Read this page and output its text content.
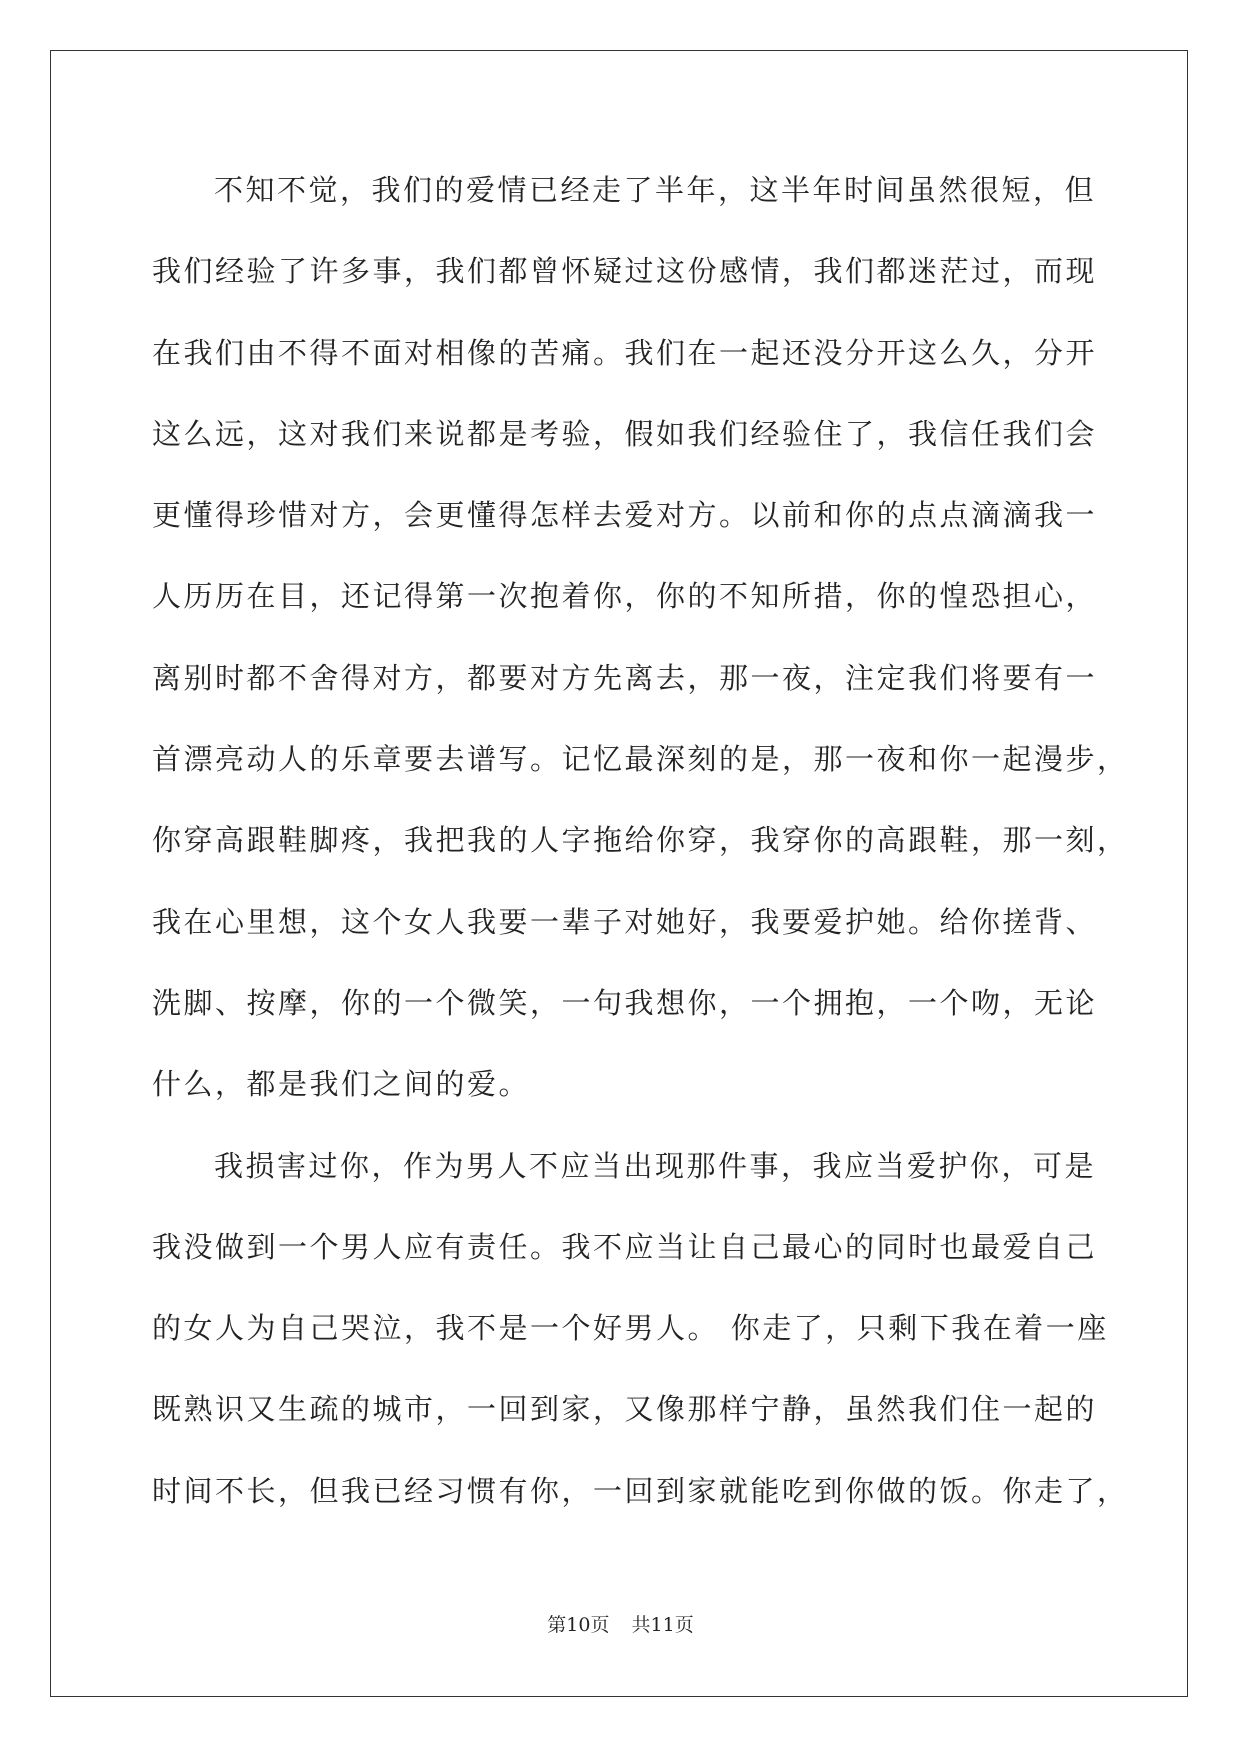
不知不觉，我们的爱情已经走了半年，这半年时间虽然很短，但
我们经验了许多事，我们都曾怀疑过这份感情，我们都迷茫过，而现
在我们由不得不面对相像的苦痛。我们在一起还没分开这么久，分开
这么远，这对我们来说都是考验，假如我们经验住了，我信任我们会
更懂得珍惜对方，会更懂得怎样去爱对方。以前和你的点点滴滴我一
人历历在目，还记得第一次抱着你，你的不知所措，你的惶恐担心，
离别时都不舍得对方，都要对方先离去，那一夜，注定我们将要有一
首漂亮动人的乐章要去谱写。记忆最深刻的是，那一夜和你一起漫步，
你穿高跟鞋脚疼，我把我的人字拖给你穿，我穿你的高跟鞋，那一刻，
我在心里想，这个女人我要一辈子对她好，我要爱护她。给你搓背、
洗脚、按摩，你的一个微笑，一句我想你，一个拥抱，一个吻，无论
什么，都是我们之间的爱。
我损害过你，作为男人不应当出现那件事，我应当爱护你，可是
我没做到一个男人应有责任。我不应当让自己最心的同时也最爱自己
的女人为自己哭泣，我不是一个好男人。 你走了，只剩下我在着一座
既熟识又生疏的城市，一回到家，又像那样宁静，虽然我们住一起的
时间不长，但我已经习惯有你，一回到家就能吃到你做的饭。你走了，
第10页 共11页
